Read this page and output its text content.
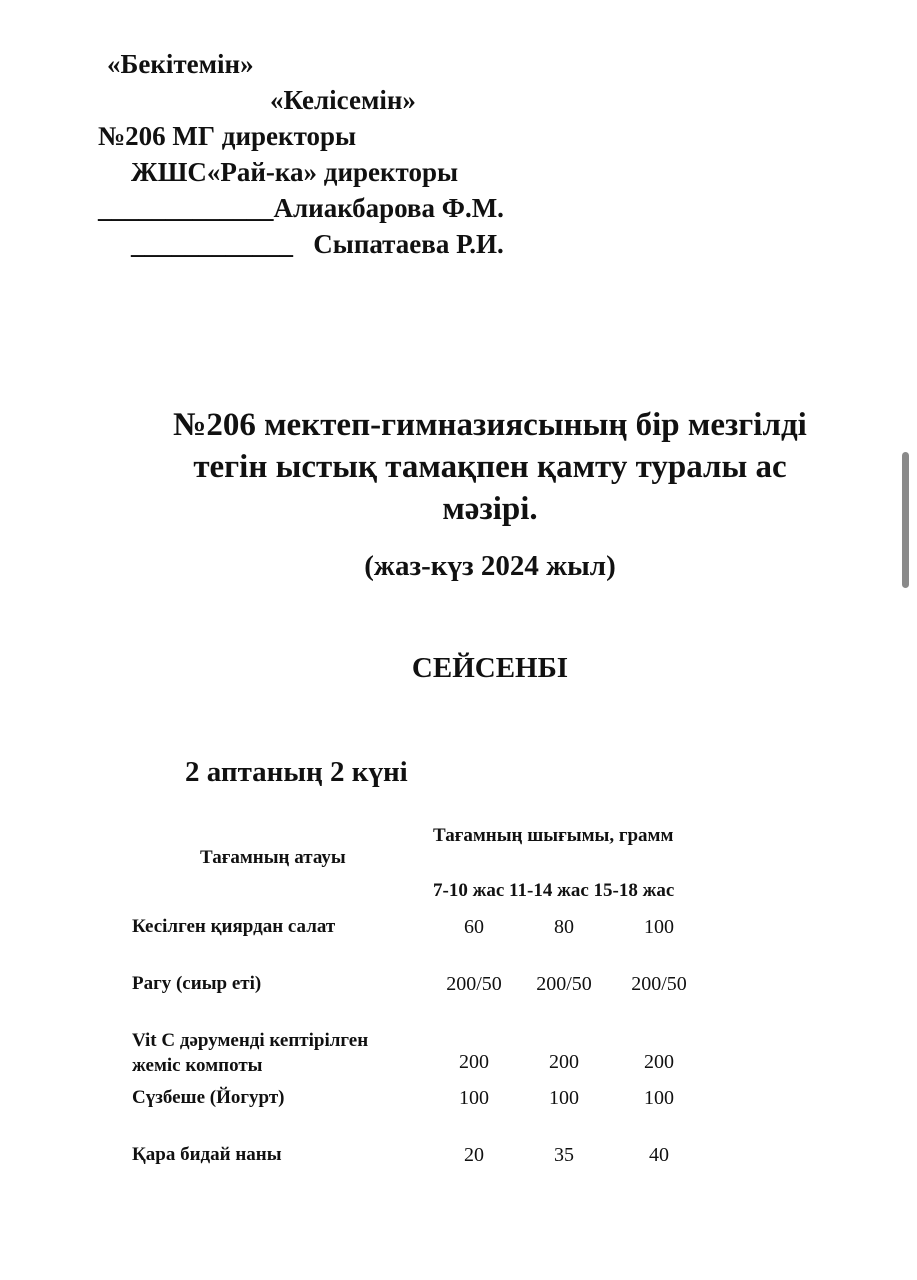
«Бекітемін»
«Келісемін»
№206 МГ директоры
ЖШС«Рай-ка» директоры
_____________Алиакбарова Ф.М.
____________   Сыпатаева Р.И.
№206 мектеп-гимназиясының бір мезгілді
тегін ыстық тамақпен қамту туралы ас
мәзірі.
(жаз-күз 2024 жыл)
СЕЙСЕНБІ
2 аптаның 2 күні
Тағамның атауы
Тағамның шығымы, грамм
7-10 жас 11-14 жас 15-18 жас
Кесілген қиярдан салат	60	80	100
Рагу (сиыр еті)	200/50	200/50	200/50
Vit C дәруменді кептірілген
жеміс компоты	200	200	200
Сүзбеше (Йогурт)	100	100	100
Қара бидай наны	20	35	40
